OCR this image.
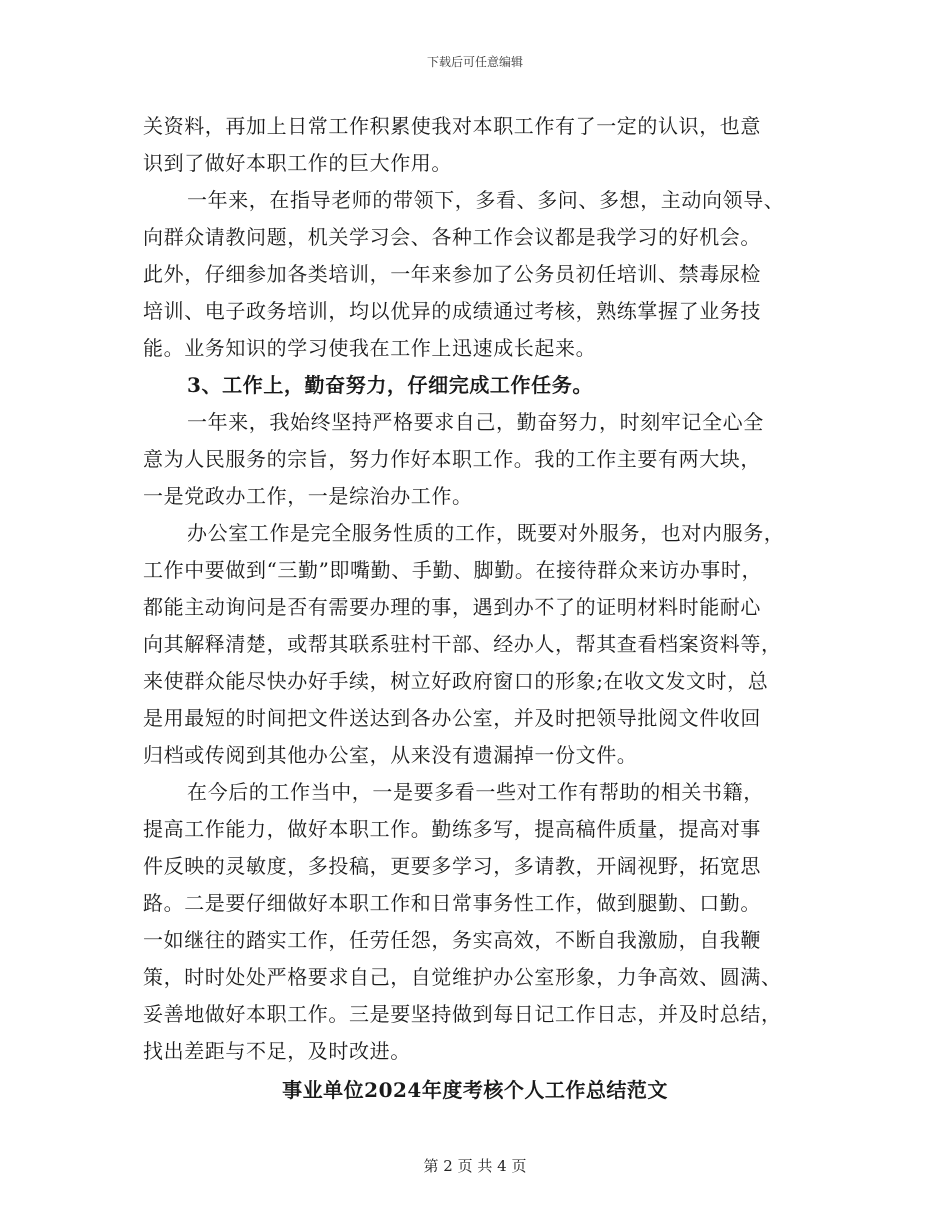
下载后可任意编辑
关资料，再加上日常工作积累使我对本职工作有了一定的认识，也意
识到了做好本职工作的巨大作用。
一年来，在指导老师的带领下，多看、多问、多想，主动向领导、
向群众请教问题，机关学习会、各种工作会议都是我学习的好机会。
此外，仔细参加各类培训，一年来参加了公务员初任培训、禁毒尿检
培训、电子政务培训，均以优异的成绩通过考核，熟练掌握了业务技
能。业务知识的学习使我在工作上迅速成长起来。
3、工作上，勤奋努力，仔细完成工作任务。
一年来，我始终坚持严格要求自己，勤奋努力，时刻牢记全心全
意为人民服务的宗旨，努力作好本职工作。我的工作主要有两大块，
一是党政办工作，一是综治办工作。
办公室工作是完全服务性质的工作，既要对外服务，也对内服务，
工作中要做到“三勤”即嘴勤、手勤、脚勤。在接待群众来访办事时，
都能主动询问是否有需要办理的事，遇到办不了的证明材料时能耐心
向其解释清楚，或帮其联系驻村干部、经办人，帮其查看档案资料等，
来使群众能尽快办好手续，树立好政府窗口的形象;在收文发文时，总
是用最短的时间把文件送达到各办公室，并及时把领导批阅文件收回
归档或传阅到其他办公室，从来没有遗漏掉一份文件。
在今后的工作当中，一是要多看一些对工作有帮助的相关书籍，
提高工作能力，做好本职工作。勤练多写，提高稿件质量，提高对事
件反映的灵敏度，多投稿，更要多学习，多请教，开阔视野，拓宽思
路。二是要仔细做好本职工作和日常事务性工作，做到腿勤、口勤。
一如继往的踏实工作，任劳任怨，务实高效，不断自我激励，自我鞭
策，时时处处严格要求自己，自觉维护办公室形象，力争高效、圆满、
妥善地做好本职工作。三是要坚持做到每日记工作日志，并及时总结，
找出差距与不足，及时改进。
事业单位2024年度考核个人工作总结范文
第 2 页 共 4 页
